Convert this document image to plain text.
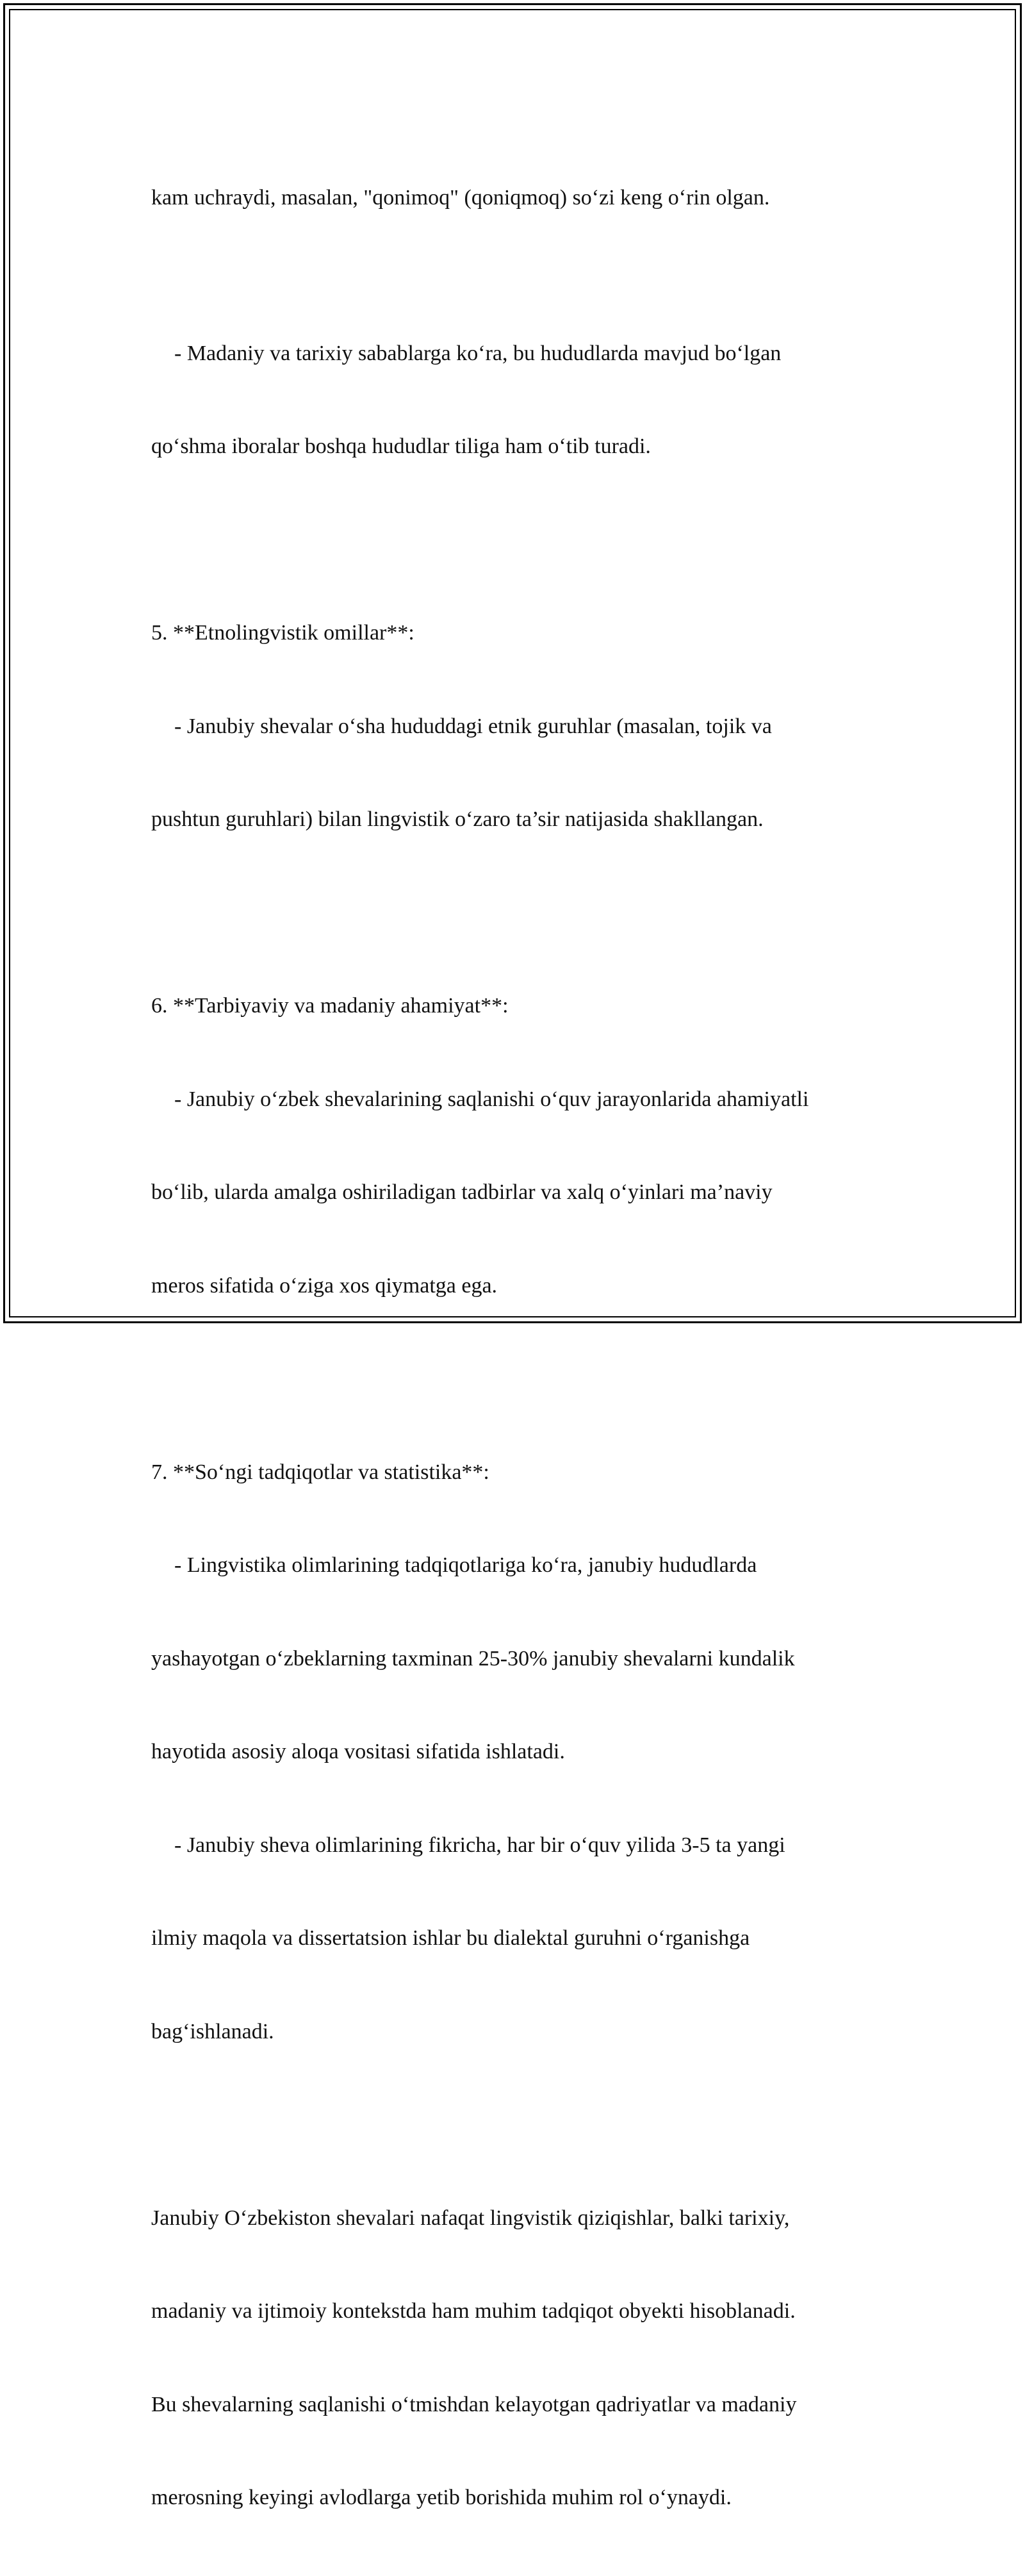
kam uchraydi, masalan, "qonimoq" (qoniqmoq) so‘zi keng o‘rin olgan.

- Madaniy va tarixiy sabablarga ko‘ra, bu hududlarda mavjud bo‘lgan

qo‘shma iboralar boshqa hududlar tiliga ham o‘tib turadi.

5. **Etnolingvistik omillar**:

- Janubiy shevalar o‘sha hududdagi etnik guruhlar (masalan, tojik va

pushtun guruhlari) bilan lingvistik o‘zaro ta’sir natijasida shakllangan.

6. **Tarbiyaviy va madaniy ahamiyat**:

- Janubiy o‘zbek shevalarining saqlanishi o‘quv jarayonlarida ahamiyatli

bo‘lib, ularda amalga oshiriladigan tadbirlar va xalq o‘yinlari ma’naviy

meros sifatida o‘ziga xos qiymatga ega.

7. **So‘ngi tadqiqotlar va statistika**:

- Lingvistika olimlarining tadqiqotlariga ko‘ra, janubiy hududlarda

yashayotgan o‘zbeklarning taxminan 25-30% janubiy shevalarni kundalik

hayotida asosiy aloqa vositasi sifatida ishlatadi.

- Janubiy sheva olimlarining fikricha, har bir o‘quv yilida 3-5 ta yangi

ilmiy maqola va dissertatsion ishlar bu dialektal guruhni o‘rganishga

bag‘ishlanadi.

Janubiy O‘zbekiston shevalari nafaqat lingvistik qiziqishlar, balki tarixiy,

madaniy va ijtimoiy kontekstda ham muhim tadqiqot obyekti hisoblanadi.

Bu shevalarning saqlanishi o‘tmishdan kelayotgan qadriyatlar va madaniy

merosning keyingi avlodlarga yetib borishida muhim rol o‘ynaydi.
